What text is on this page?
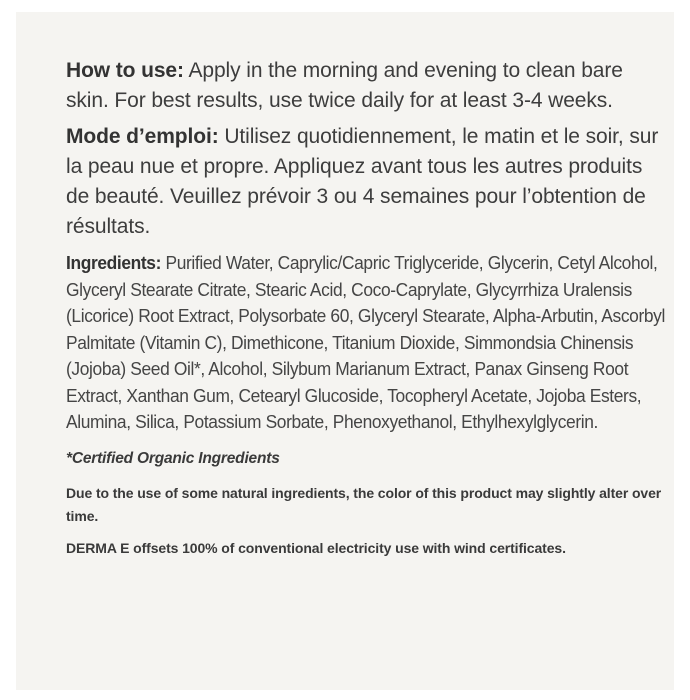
How to use: Apply in the morning and evening to clean bare skin. For best results, use twice daily for at least 3-4 weeks.

Mode d’emploi: Utilisez quotidiennement, le matin et le soir, sur la peau nue et propre. Appliquez avant tous les autres produits de beauté. Veuillez prévoir 3 ou 4 semaines pour l’obtention de résultats.

Ingredients: Purified Water, Caprylic/Capric Triglyceride, Glycerin, Cetyl Alcohol, Glyceryl Stearate Citrate, Stearic Acid, Coco-Caprylate, Glycyrrhiza Uralensis (Licorice) Root Extract, Polysorbate 60, Glyceryl Stearate, Alpha-Arbutin, Ascorbyl Palmitate (Vitamin C), Dimethicone, Titanium Dioxide, Simmondsia Chinensis (Jojoba) Seed Oil*, Alcohol, Silybum Marianum Extract, Panax Ginseng Root Extract, Xanthan Gum, Cetearyl Glucoside, Tocopheryl Acetate, Jojoba Esters, Alumina, Silica, Potassium Sorbate, Phenoxyethanol, Ethylhexylglycerin.

*Certified Organic Ingredients

Due to the use of some natural ingredients, the color of this product may slightly alter over time.

DERMA E offsets 100% of conventional electricity use with wind certificates.
